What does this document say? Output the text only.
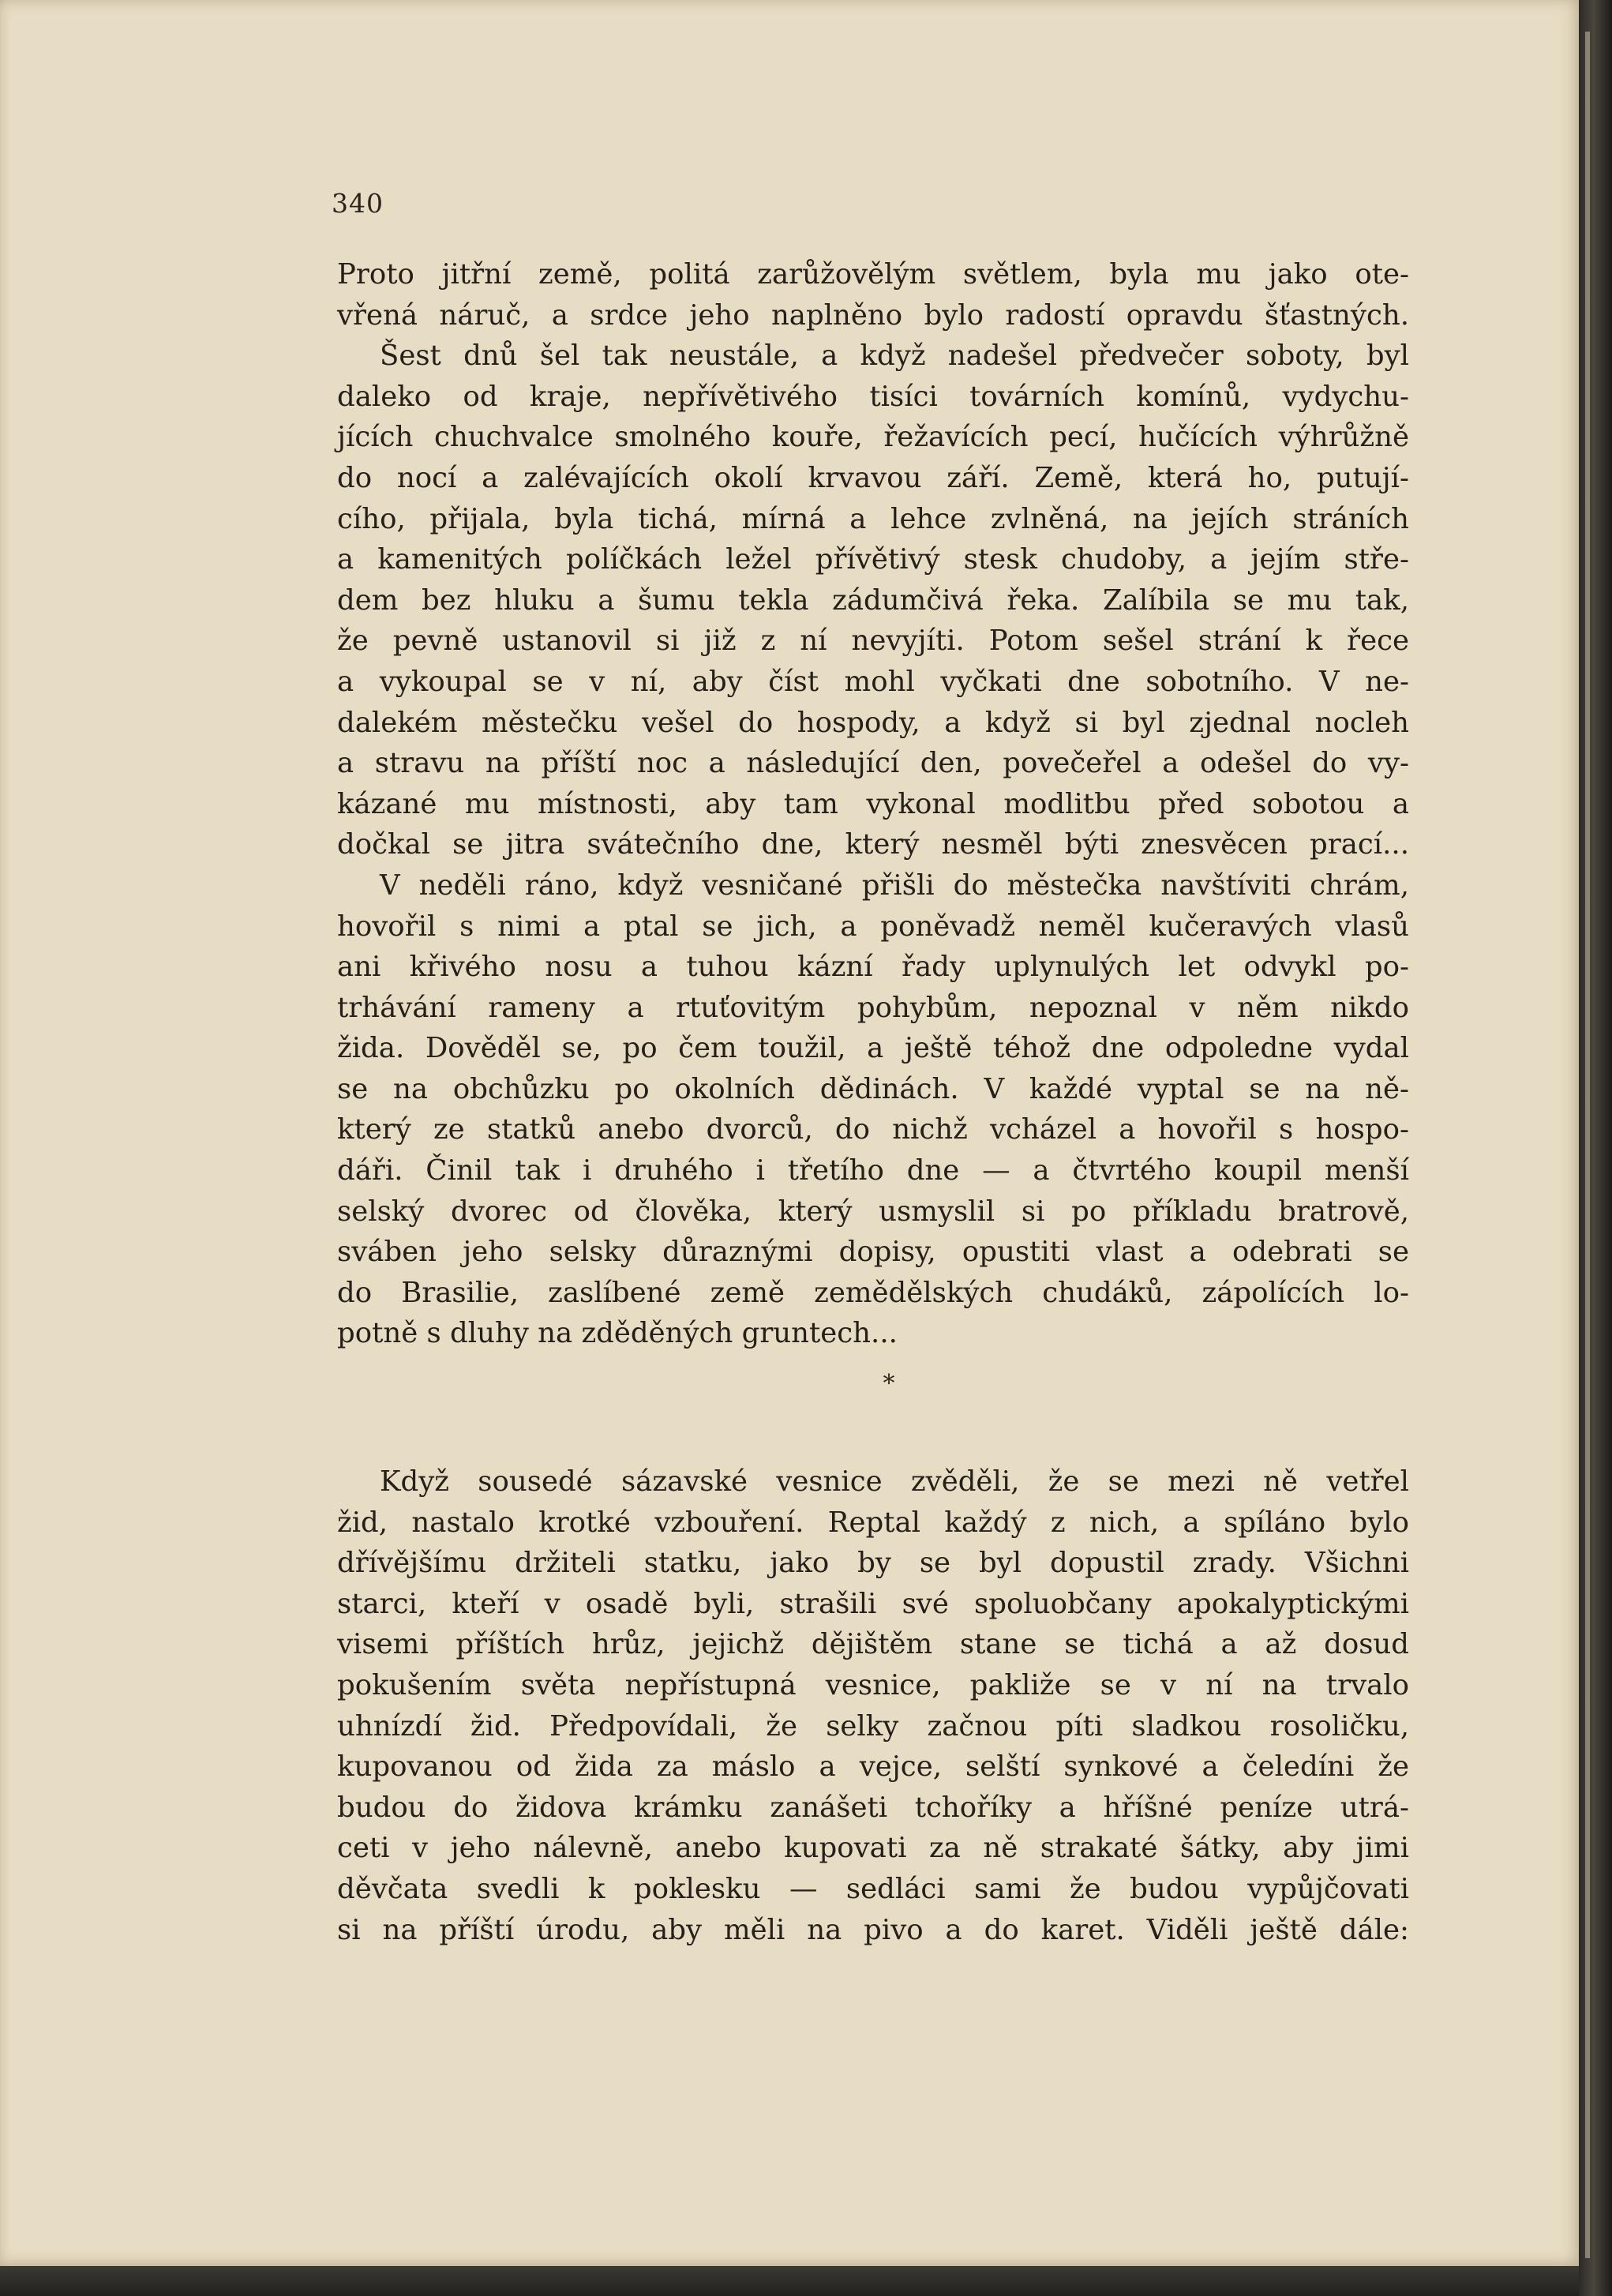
340
Proto jitřní země, politá zarůžovělým světlem, byla mu jako ote-
vřená náruč, a srdce jeho naplněno bylo radostí opravdu šťastných.
Šest dnů šel tak neustále, a když nadešel předvečer soboty, byl
daleko od kraje, nepřívětivého tisíci továrních komínů, vydychu-
jících chuchvalce smolného kouře, řežavících pecí, hučících výhrůžně
do nocí a zalévajících okolí krvavou září. Země, která ho, putují-
cího, přijala, byla tichá, mírná a lehce zvlněná, na jejích stráních
a kamenitých políčkách ležel přívětivý stesk chudoby, a jejím stře-
dem bez hluku a šumu tekla zádumčivá řeka. Zalíbila se mu tak,
že pevně ustanovil si již z ní nevyjíti. Potom sešel strání k řece
a vykoupal se v ní, aby číst mohl vyčkati dne sobotního. V ne-
dalekém městečku vešel do hospody, a když si byl zjednal nocleh
a stravu na příští noc a následující den, povečeřel a odešel do vy-
kázané mu místnosti, aby tam vykonal modlitbu před sobotou a
dočkal se jitra svátečního dne, který nesměl býti znesvěcen prací...
V neděli ráno, když vesničané přišli do městečka navštíviti chrám,
hovořil s nimi a ptal se jich, a poněvadž neměl kučeravých vlasů
ani křivého nosu a tuhou kázní řady uplynulých let odvykl po-
trhávání rameny a rtuťovitým pohybům, nepoznal v něm nikdo
žida. Dověděl se, po čem toužil, a ještě téhož dne odpoledne vydal
se na obchůzku po okolních dědinách. V každé vyptal se na ně-
který ze statků anebo dvorců, do nichž vcházel a hovořil s hospo-
dáři. Činil tak i druhého i třetího dne — a čtvrtého koupil menší
selský dvorec od člověka, který usmyslil si po příkladu bratrově,
sváben jeho selsky důraznými dopisy, opustiti vlast a odebrati se
do Brasilie, zaslíbené země zemědělských chudáků, zápolících lo-
potně s dluhy na zděděných gruntech...
*
Když sousedé sázavské vesnice zvěděli, že se mezi ně vetřel
žid, nastalo krotké vzbouření. Reptal každý z nich, a spíláno bylo
dřívějšímu držiteli statku, jako by se byl dopustil zrady. Všichni
starci, kteří v osadě byli, strašili své spoluobčany apokalyptickými
visemi příštích hrůz, jejichž dějištěm stane se tichá a až dosud
pokušením světa nepřístupná vesnice, pakliže se v ní na trvalo
uhnízdí žid. Předpovídali, že selky začnou píti sladkou rosoličku,
kupovanou od žida za máslo a vejce, selští synkové a čeledíni že
budou do židova krámku zanášeti tchoříky a hříšné peníze utrá-
ceti v jeho nálevně, anebo kupovati za ně strakaté šátky, aby jimi
děvčata svedli k poklesku — sedláci sami že budou vypůjčovati
si na příští úrodu, aby měli na pivo a do karet. Viděli ještě dále:
